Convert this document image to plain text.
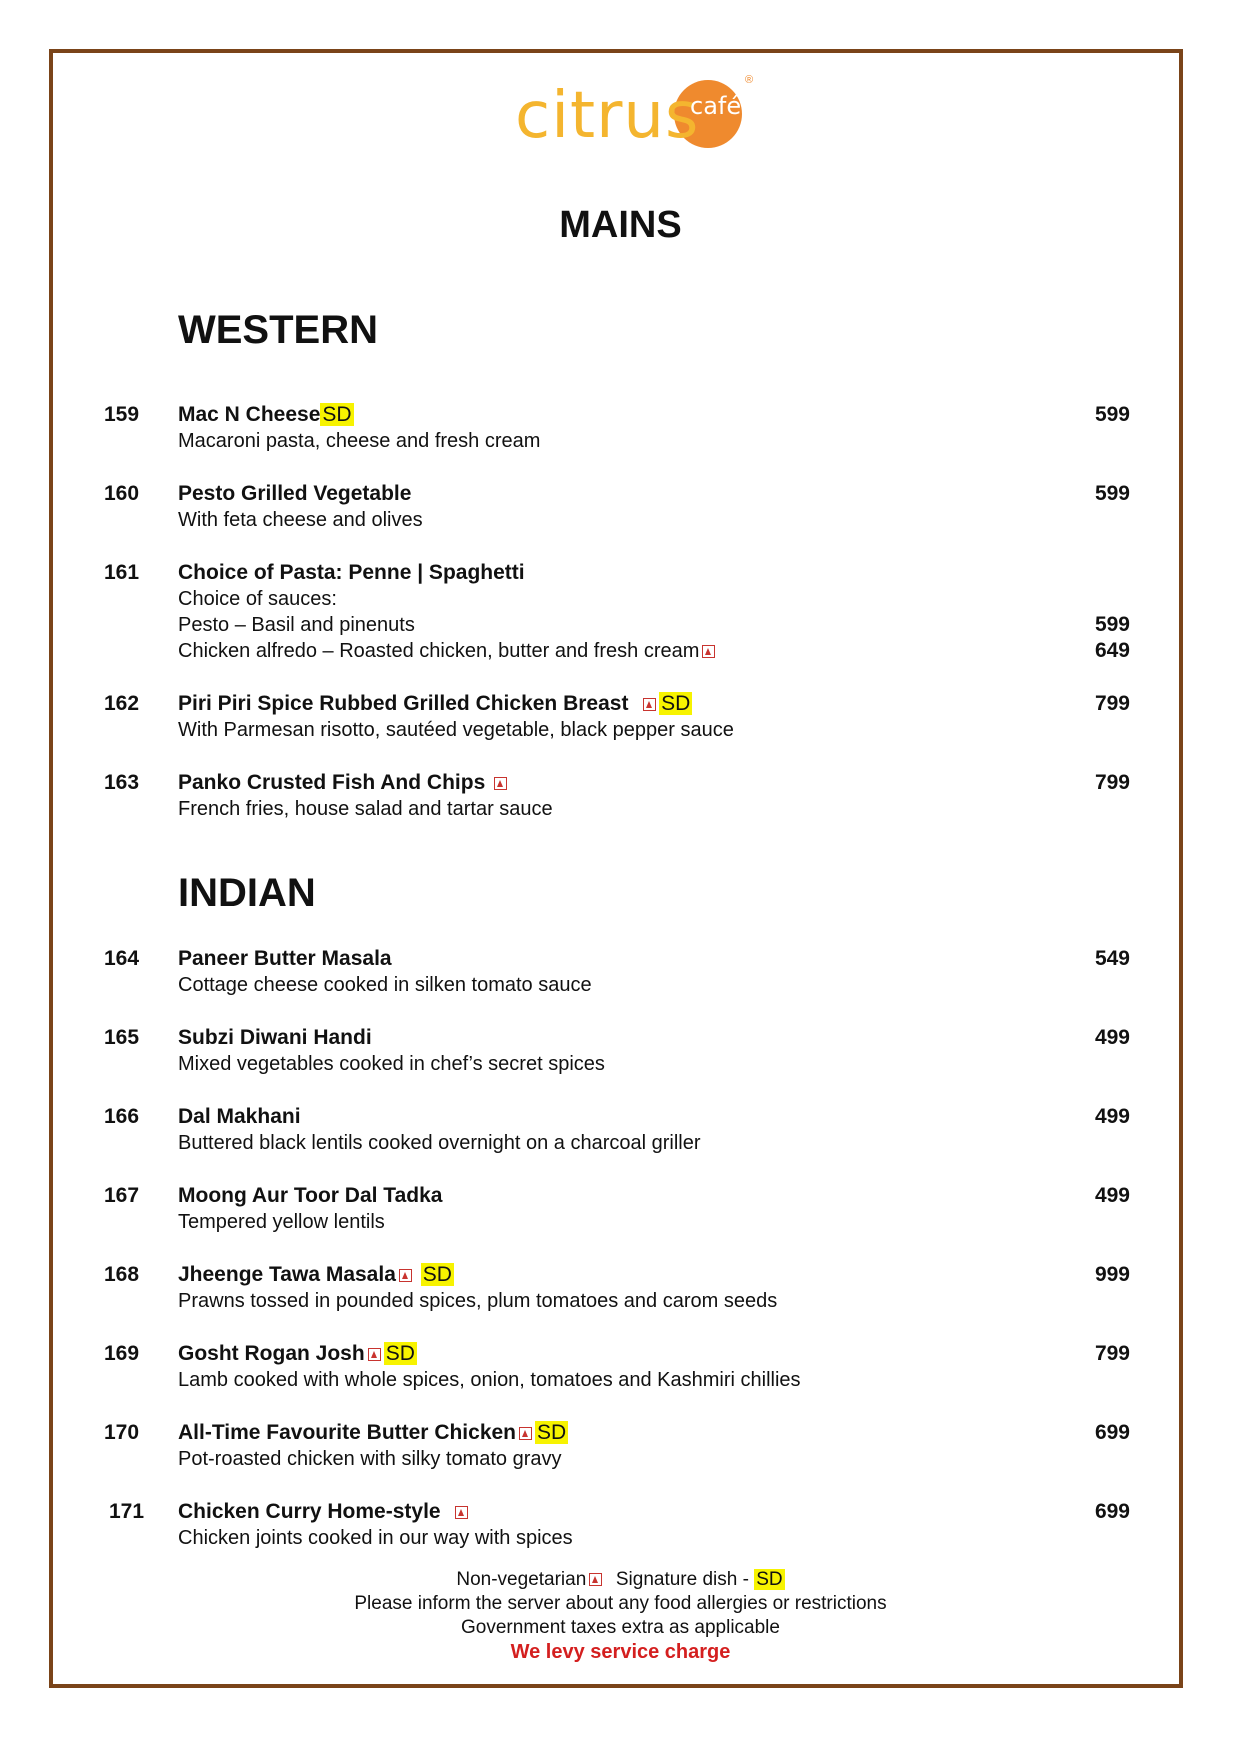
citrus
café
®
MAINS
WESTERN
159	Mac N CheeseSD	599
Macaroni pasta, cheese and fresh cream
160	Pesto Grilled Vegetable	599
With feta cheese and olives
161	Choice of Pasta: Penne | Spaghetti
Choice of sauces:
Pesto – Basil and pinenuts	599
Chicken alfredo – Roasted chicken, butter and fresh cream	649
162	Piri Piri Spice Rubbed Grilled Chicken Breast SD	799
With Parmesan risotto, sautéed vegetable, black pepper sauce
163	Panko Crusted Fish And Chips	799
French fries, house salad and tartar sauce
INDIAN
164	Paneer Butter Masala	549
Cottage cheese cooked in silken tomato sauce
165	Subzi Diwani Handi	499
Mixed vegetables cooked in chef’s secret spices
166	Dal Makhani	499
Buttered black lentils cooked overnight on a charcoal griller
167	Moong Aur Toor Dal Tadka	499
Tempered yellow lentils
168	Jheenge Tawa Masala SD	999
Prawns tossed in pounded spices, plum tomatoes and carom seeds
169	Gosht Rogan Josh SD	799
Lamb cooked with whole spices, onion, tomatoes and Kashmiri chillies
170	All-Time Favourite Butter Chicken SD	699
Pot-roasted chicken with silky tomato gravy
171	Chicken Curry Home-style	699
Chicken joints cooked in our way with spices
Non-vegetarian Signature dish - SD
Please inform the server about any food allergies or restrictions
Government taxes extra as applicable
We levy service charge
